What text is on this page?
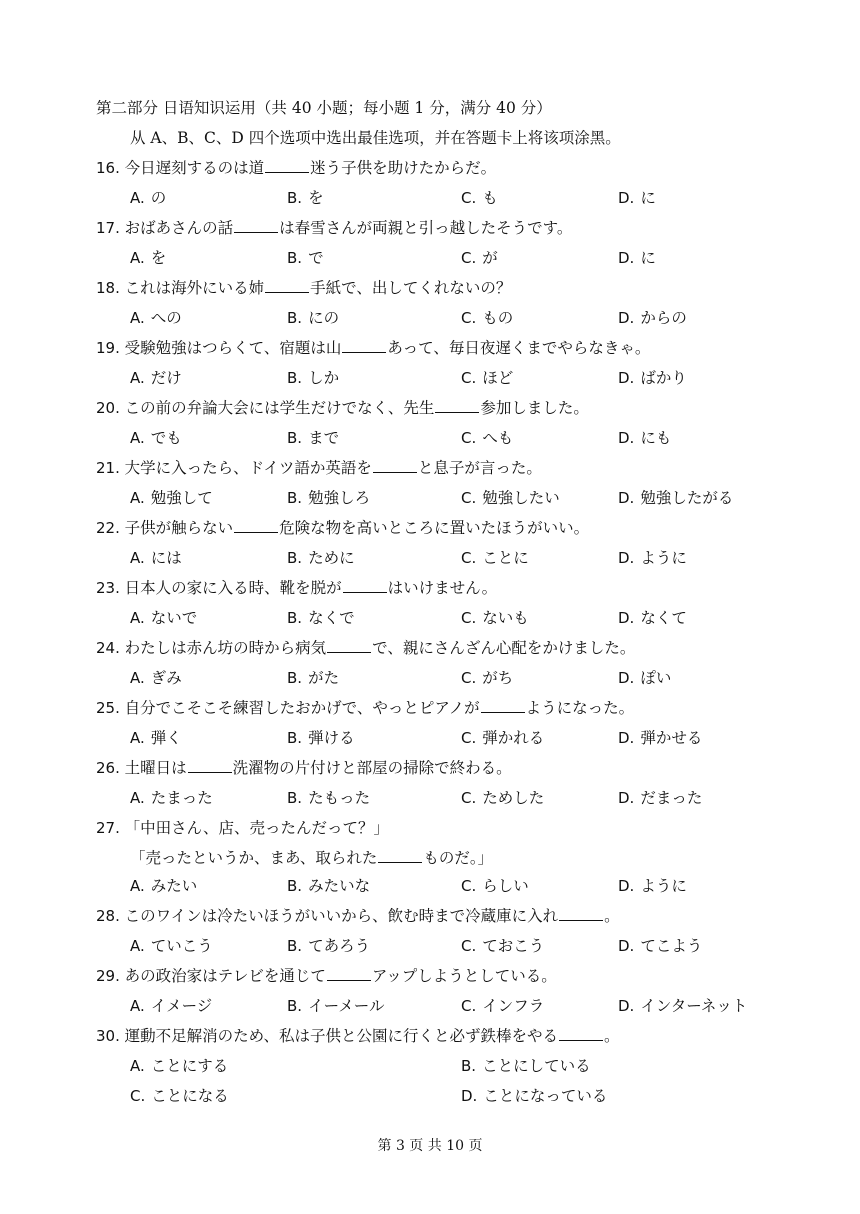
第二部分 日语知识运用（共 40 小题；每小题 1 分，满分 40 分）
从 A、B、C、D 四个选项中选出最佳选项，并在答题卡上将该项涂黑。
16. 今日遅刻するのは道	迷う子供を助けたからだ。
A. の	B. を	C. も	D. に
17. おばあさんの話	は春雪さんが両親と引っ越したそうです。
A. を	B. で	C. が	D. に
18. これは海外にいる姉	手紙で、出してくれないの？
A. への	B. にの	C. もの	D. からの
19. 受験勉強はつらくて、宿題は山	あって、毎日夜遅くまでやらなきゃ。
A. だけ	B. しか	C. ほど	D. ばかり
20. この前の弁論大会には学生だけでなく、先生	参加しました。
A. でも	B. まで	C. へも	D. にも
21. 大学に入ったら、ドイツ語か英語を	と息子が言った。
A. 勉強して	B. 勉強しろ	C. 勉強したい	D. 勉強したがる
22. 子供が触らない	危険な物を高いところに置いたほうがいい。
A. には	B. ために	C. ことに	D. ように
23. 日本人の家に入る時、靴を脱が	はいけません。
A. ないで	B. なくで	C. ないも	D. なくて
24. わたしは赤ん坊の時から病気	で、親にさんざん心配をかけました。
A. ぎみ	B. がた	C. がち	D. ぽい
25. 自分でこそこそ練習したおかげで、やっとピアノが	ようになった。
A. 弾く	B. 弾ける	C. 弾かれる	D. 弾かせる
26. 土曜日は	洗濯物の片付けと部屋の掃除で終わる。
A. たまった	B. たもった	C. ためした	D. だまった
27. 「中田さん、店、売ったんだって？」
「売ったというか、まあ、取られた	ものだ。」
A. みたい	B. みたいな	C. らしい	D. ように
28. このワインは冷たいほうがいいから、飲む時まで冷蔵庫に入れ	。
A. ていこう	B. てあろう	C. ておこう	D. てこよう
29. あの政治家はテレビを通じて	アップしようとしている。
A. イメージ	B. イーメール	C. インフラ	D. インターネット
30. 運動不足解消のため、私は子供と公園に行くと必ず鉄棒をやる	。
A. ことにする	B. ことにしている
C. ことになる	D. ことになっている
第 3 页 共 10 页
